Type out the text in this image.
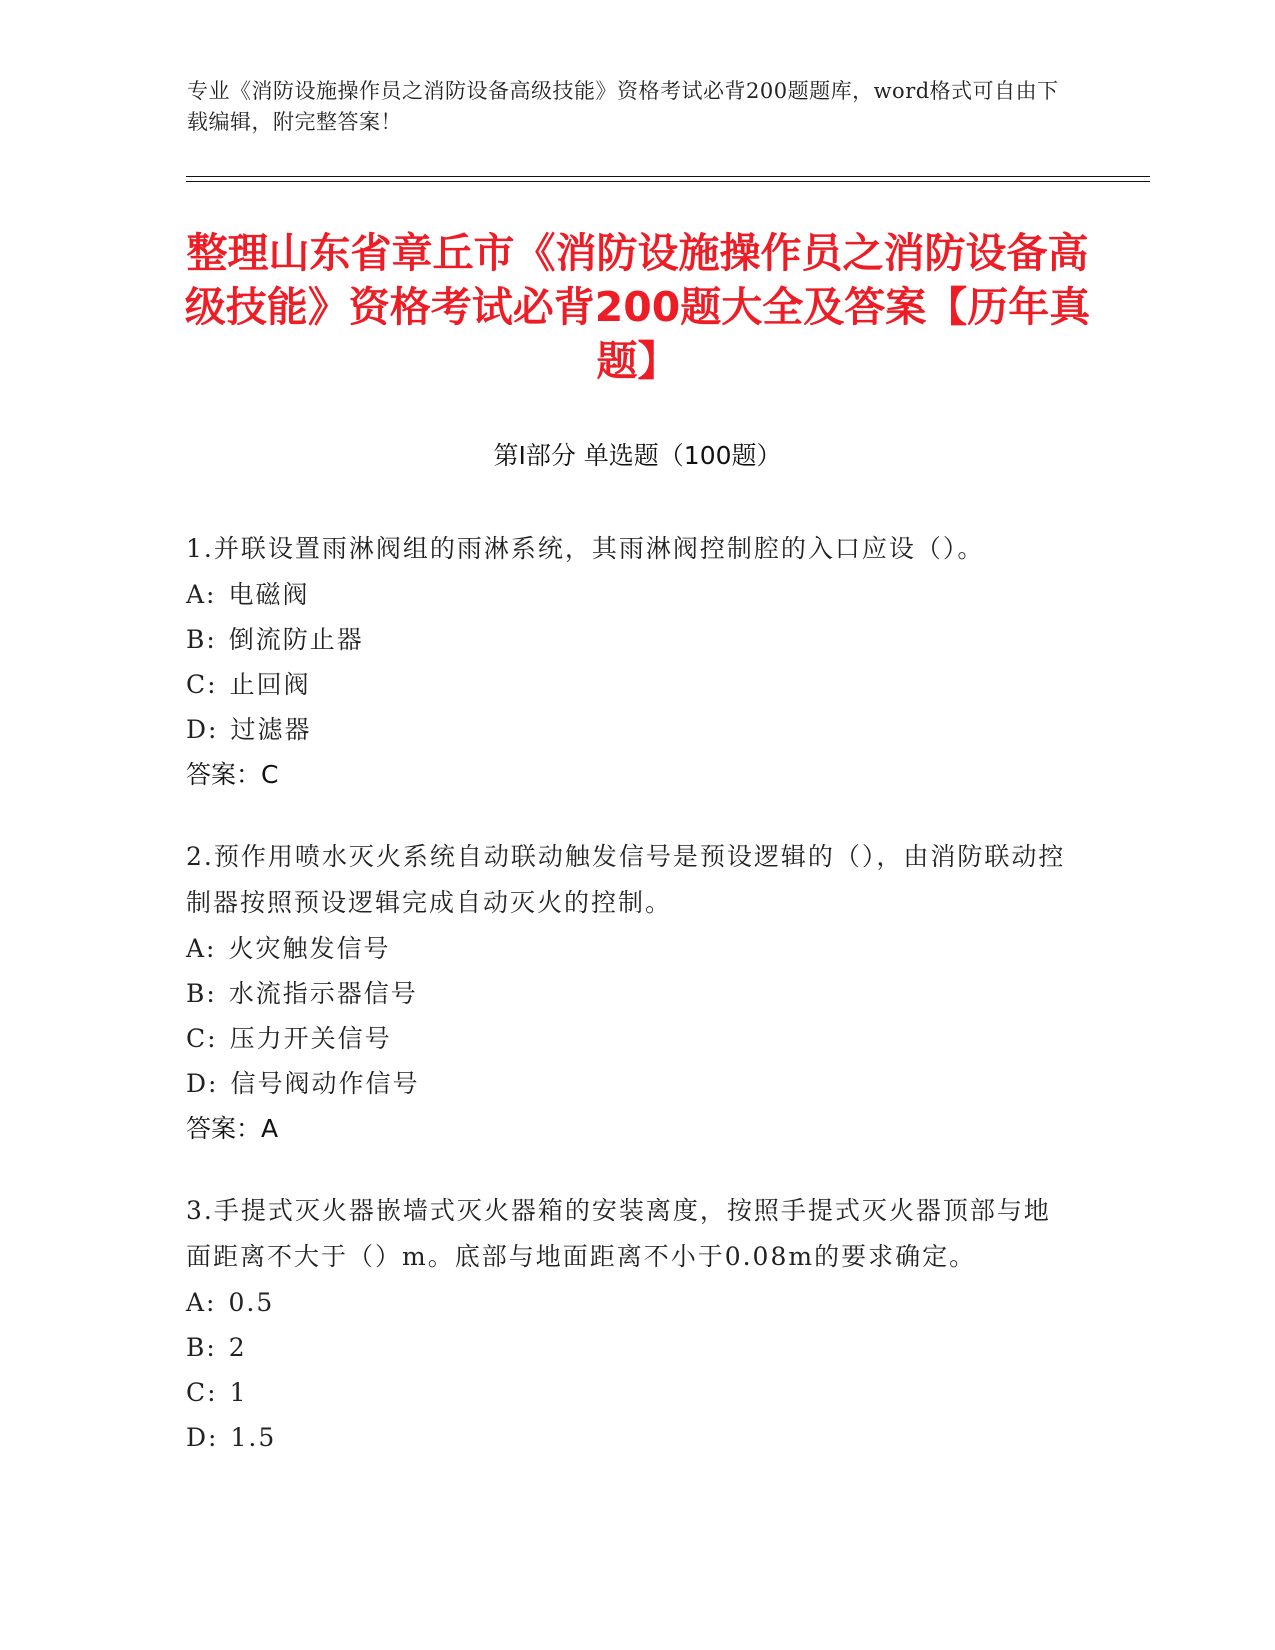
专业《消防设施操作员之消防设备高级技能》资格考试必背200题题库，word格式可自由下载编辑，附完整答案！
整理山东省章丘市《消防设施操作员之消防设备高级技能》资格考试必背200题大全及答案【历年真题】
第I部分 单选题（100题）
1.并联设置雨淋阀组的雨淋系统，其雨淋阀控制腔的入口应设（）。
A: 电磁阀
B: 倒流防止器
C: 止回阀
D: 过滤器
答案：C
2.预作用喷水灭火系统自动联动触发信号是预设逻辑的（），由消防联动控制器按照预设逻辑完成自动灭火的控制。
A: 火灾触发信号
B: 水流指示器信号
C: 压力开关信号
D: 信号阀动作信号
答案：A
3.手提式灭火器嵌墙式灭火器箱的安装离度，按照手提式灭火器顶部与地面距离不大于（）m。底部与地面距离不小于0.08m的要求确定。
A: 0.5
B: 2
C: 1
D: 1.5
